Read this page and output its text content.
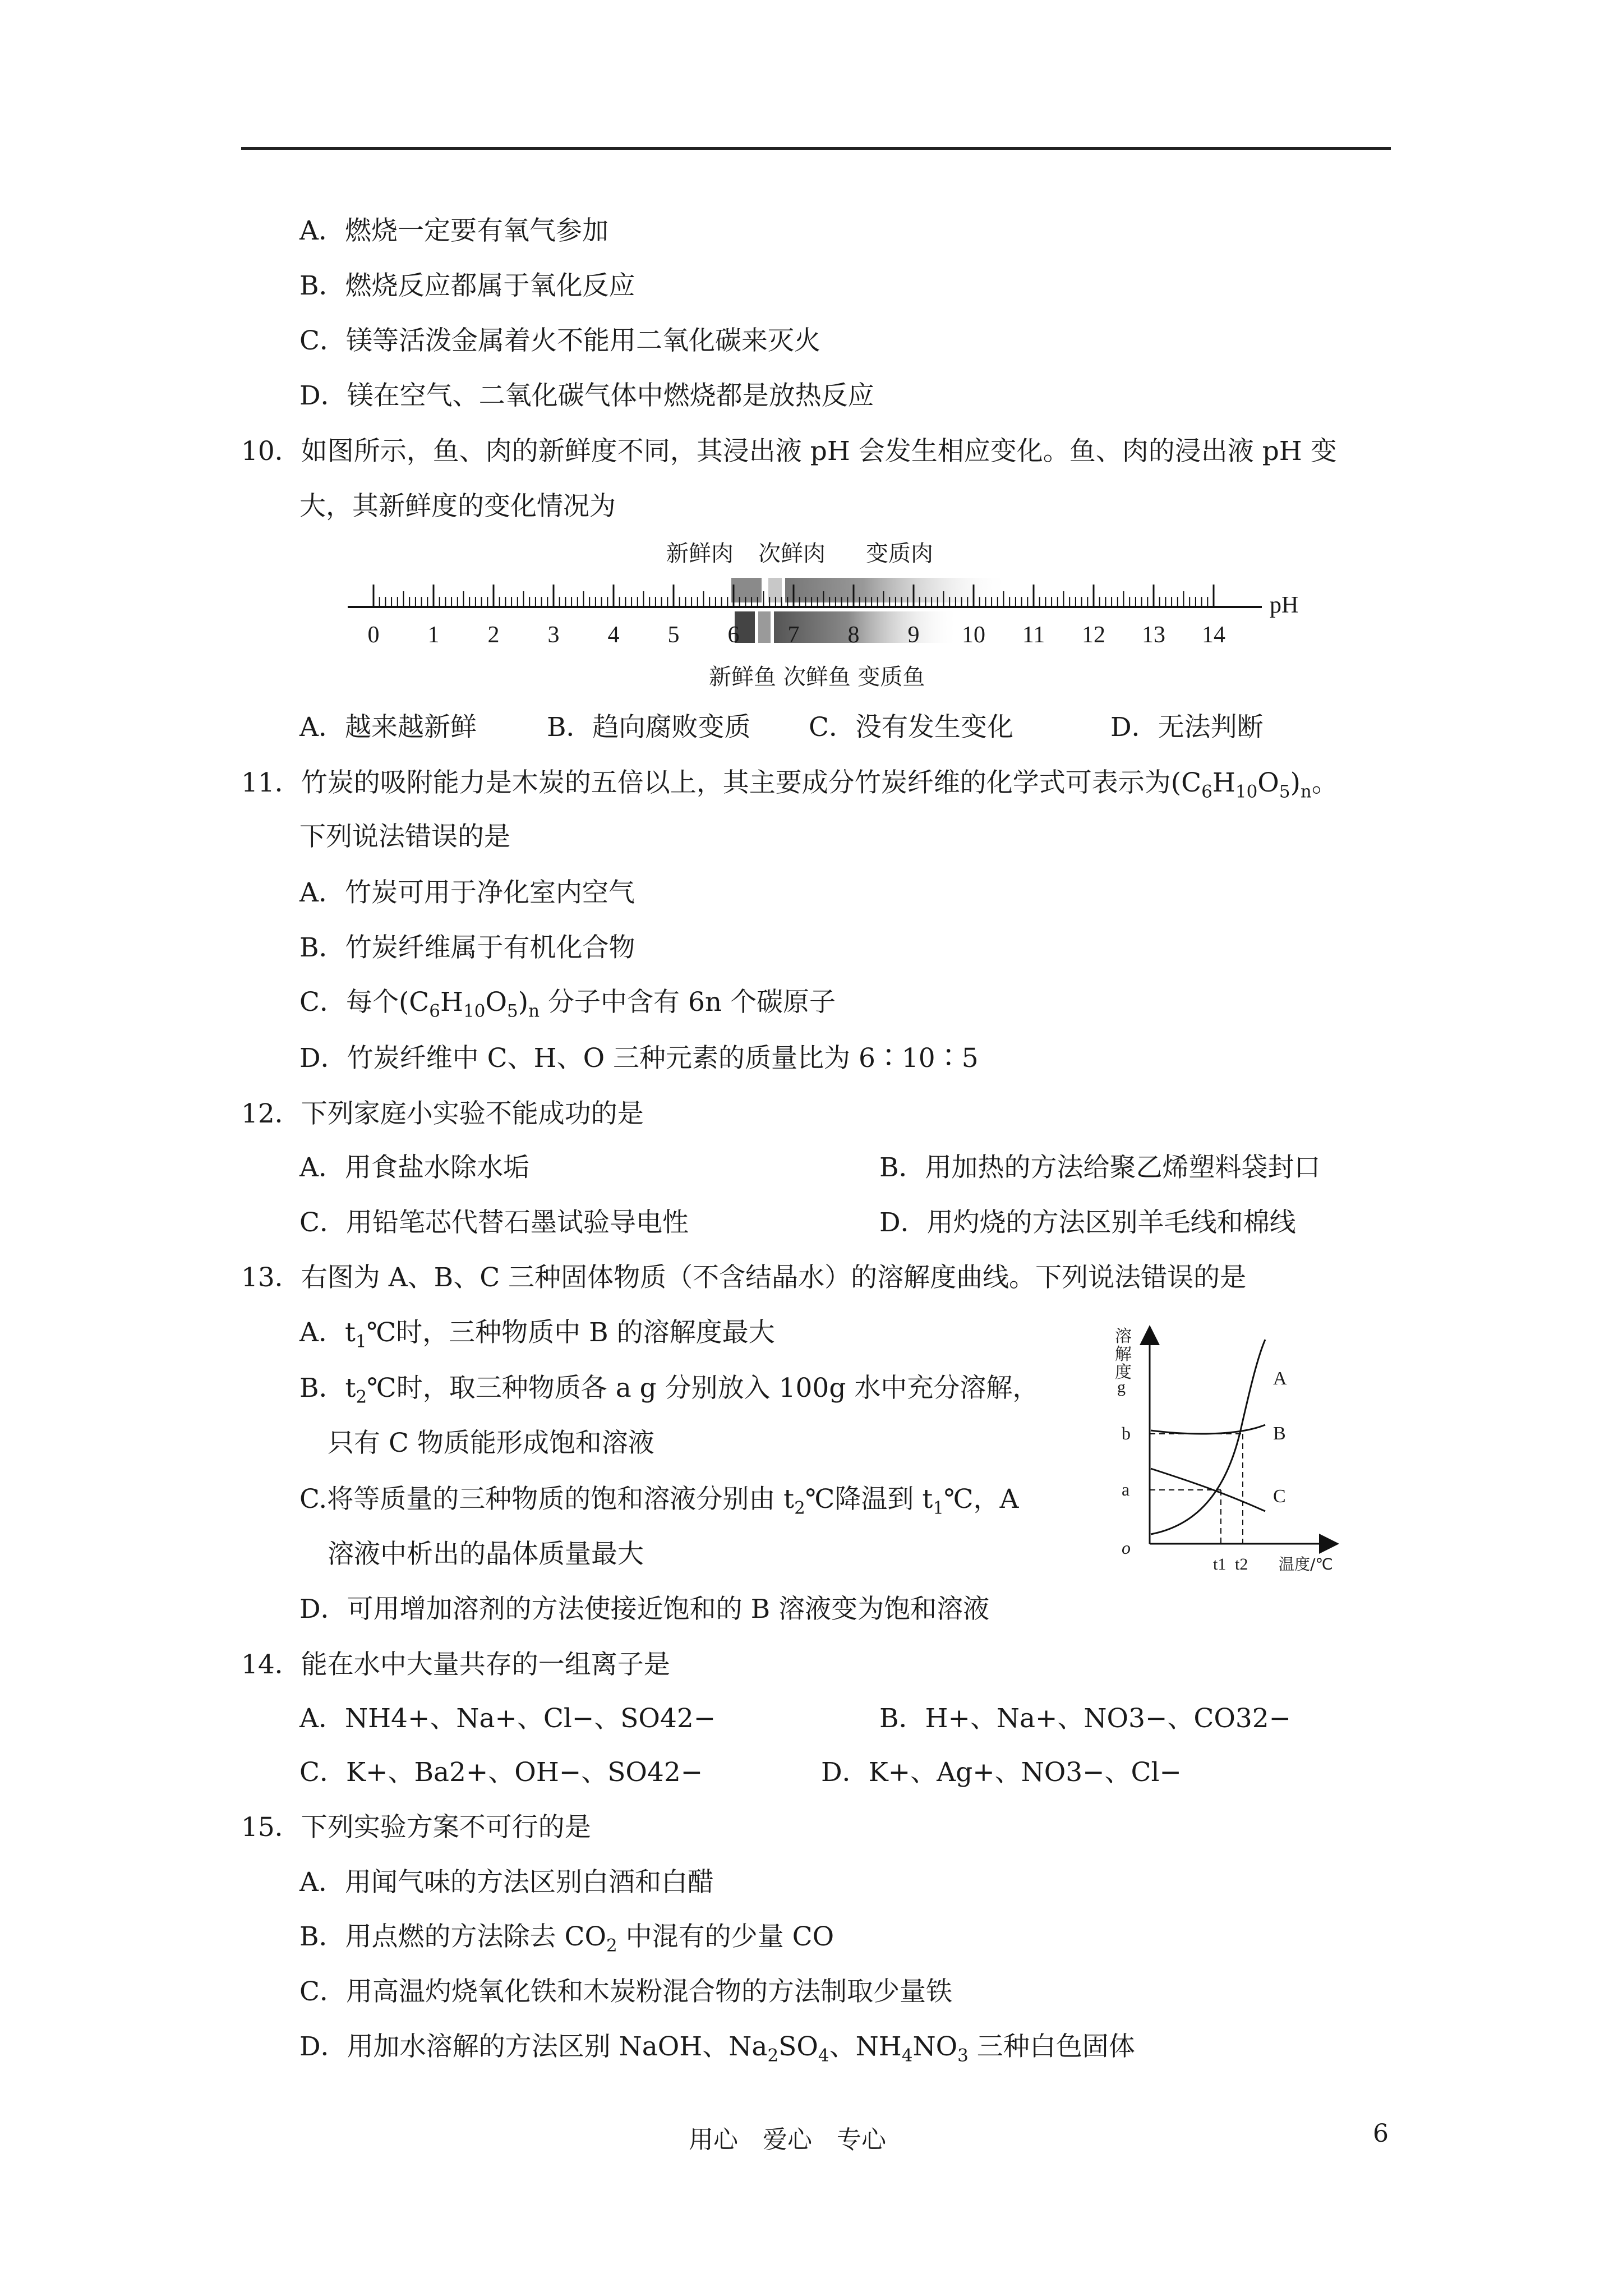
A．燃烧一定要有氧气参加
B．燃烧反应都属于氧化反应
C．镁等活泼金属着火不能用二氧化碳来灭火
D．镁在空气、二氧化碳气体中燃烧都是放热反应
10．如图所示，鱼、肉的新鲜度不同，其浸出液 pH 会发生相应变化。鱼、肉的浸出液 pH 变
大，其新鲜度的变化情况为
新鲜肉 次鲜肉 变质肉
0 1 2 3 4 5 6 7 8 9 10 11 12 13 14
pH
新鲜鱼 次鲜鱼 变质鱼
A．越来越新鲜	B．趋向腐败变质 C．没有发生变化	D．无法判断
11．竹炭的吸附能力是木炭的五倍以上，其主要成分竹炭纤维的化学式可表示为$(C_6H_{10}O_5)_n$。
下列说法错误的是
A．竹炭可用于净化室内空气
B．竹炭纤维属于有机化合物
C．每个$(C_6H_{10}O_5)_n$ 分子中含有 6n 个碳原子
D．竹炭纤维中 C、H、O 三种元素的质量比为 6∶10∶5
12．下列家庭小实验不能成功的是
A．用食盐水除水垢	B．用加热的方法给聚乙烯塑料袋封口
C．用铅笔芯代替石墨试验导电性	D．用灼烧的方法区别羊毛线和棉线
13．右图为 A、B、C 三种固体物质（不含结晶水）的溶解度曲线。下列说法错误的是
A．$t_1℃$时，三种物质中 B 的溶解度最大
B．$t_2℃$时，取三种物质各 a g 分别放入 100g 水中充分溶解，
只有 C 物质能形成饱和溶液
C.将等质量的三种物质的饱和溶液分别由 $t_2℃$降温到 $t_1℃$，A
溶液中析出的晶体质量最大
D．可用增加溶剂的方法使接近饱和的 B 溶液变为饱和溶液
溶
解
度
g	A
B
C
b
a
o
t1 t2 温度/℃
14．能在水中大量共存的一组离子是
A．NH4+、Na+、Cl−、SO42−	B．H+、Na+、NO3−、CO32−
C．K+、Ba2+、OH−、SO42−	D．K+、Ag+、NO3−、Cl−
15．下列实验方案不可行的是
A．用闻气味的方法区别白酒和白醋
B．用点燃的方法除去 $CO_2$ 中混有的少量 CO
C．用高温灼烧氧化铁和木炭粉混合物的方法制取少量铁
D．用加水溶解的方法区别 NaOH、$Na_2SO_4$、$NH_4NO_3$ 三种白色固体
用心　爱心　专心	6
